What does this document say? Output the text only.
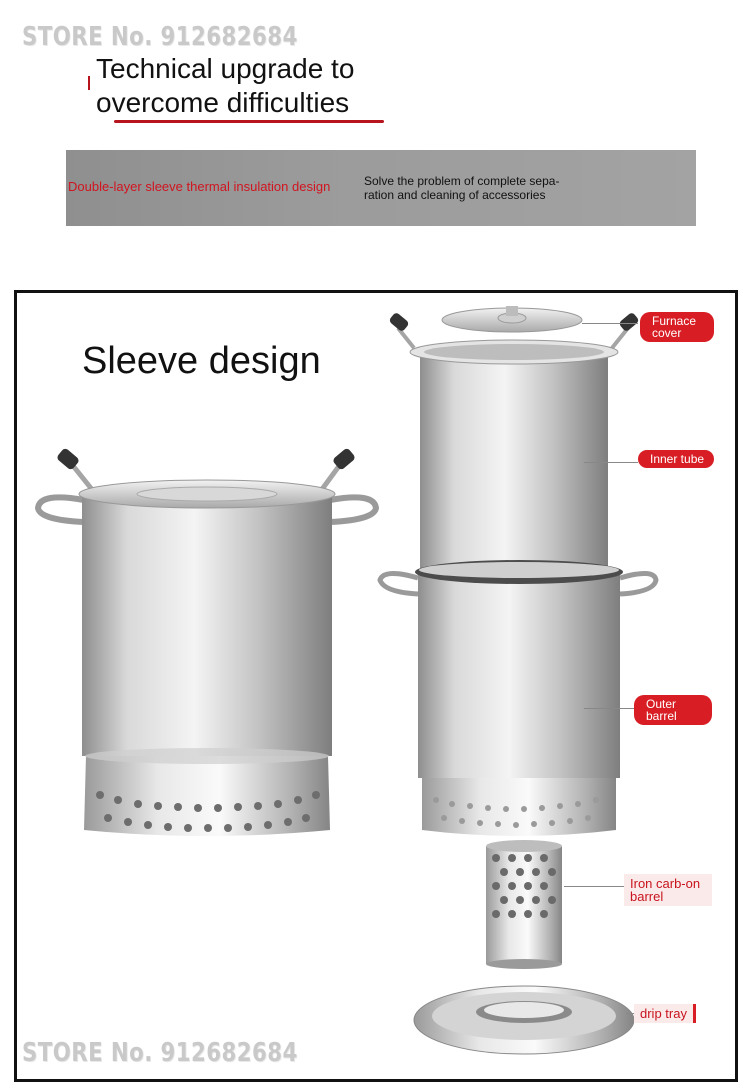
STORE No. 912682684
Technical upgrade to
overcome difficulties
Double-layer sleeve thermal insulation design	Solve the problem of complete sepa-ration and cleaning of accessories
Sleeve design
Furnace cover
Inner tube
Outer barrel
Iron carb-on barrel
drip tray
STORE No. 912682684
